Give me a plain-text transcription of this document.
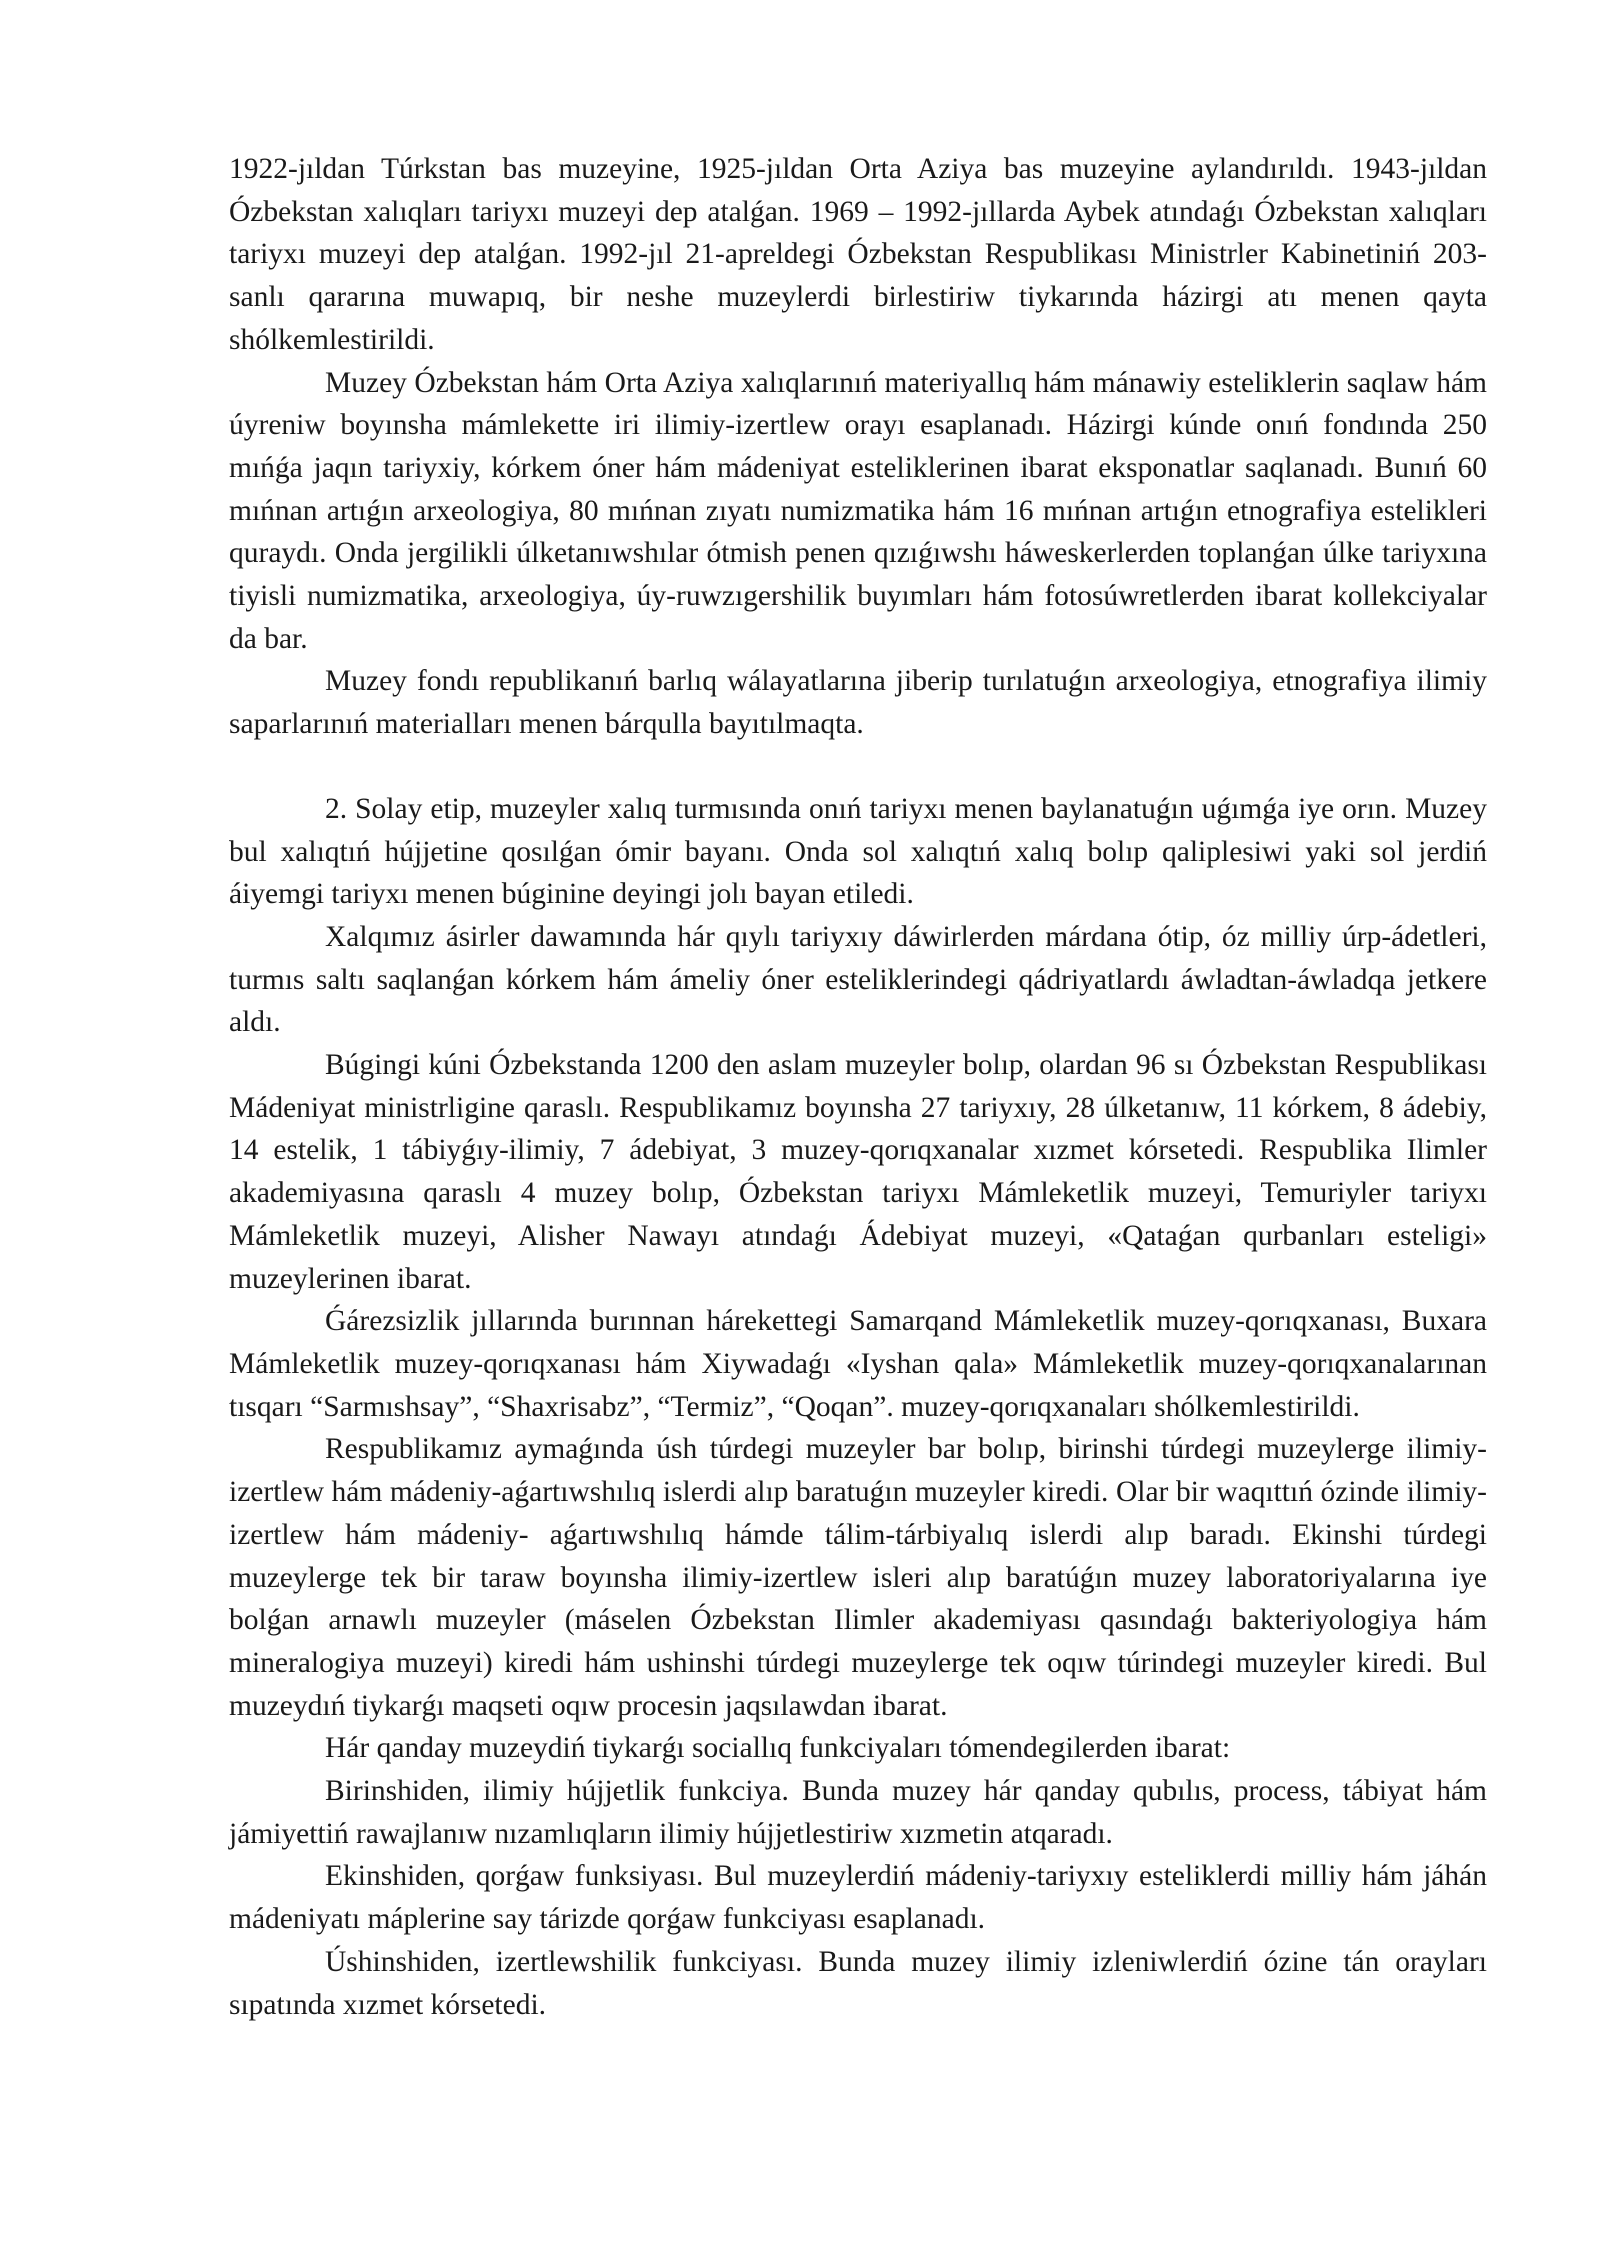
1922-jıldan Túrkstan bas muzeyine, 1925-jıldan Orta Aziya bas muzeyine aylandırıldı. 1943-jıldan Ózbekstan xalıqları tariyxı muzeyi dep atalǵan. 1969 – 1992-jıllarda Aybek atındaǵı Ózbekstan xalıqları tariyxı muzeyi dep atalǵan. 1992-jıl 21-apreldegi Ózbekstan Respublikası Ministrler Kabinetiniń 203-sanlı qararına muwapıq, bir neshe muzeylerdi birlestiriw tiykarında házirgi atı menen qayta shólkemlestirildi.

Muzey Ózbekstan hám Orta Aziya xalıqlarınıń materiyallıq hám mánawiy esteliklerin saqlaw hám úyreniw boyınsha mámlekette iri ilimiy-izertlew orayı esaplanadı. Házirgi kúnde onıń fondında 250 mıńǵa jaqın tariyxiy, kórkem óner hám mádeniyat esteliklerinen ibarat eksponatlar saqlanadı. Bunıń 60 mıńnan artıǵın arxeologiya, 80 mıńnan zıyatı numizmatika hám 16 mıńnan artıǵın etnografiya estelikleri quraydı. Onda jergilikli úlketanıwshılar ótmish penen qızıǵıwshı háweskerlerden toplanǵan úlke tariyxına tiyisli numizmatika, arxeologiya, úy-ruwzıgershilik buyımları hám fotosúwretlerden ibarat kollekciyalar da bar.

Muzey fondı republikanıń barlıq wálayatlarına jiberip turılatuǵın arxeologiya, etnografiya ilimiy saparlarınıń materialları menen bárqulla bayıtılmaqta.

2. Solay etip, muzeyler xalıq turmısında onıń tariyxı menen baylanatuǵın uǵımǵa iye orın. Muzey bul xalıqtıń hújjetine qosılǵan ómir bayanı. Onda sol xalıqtıń xalıq bolıp qaliplesiwi yaki sol jerdiń áiyemgi tariyxı menen búginine deyingi jolı bayan etiledi.

Xalqımız ásirler dawamında hár qıylı tariyxıy dáwirlerden márdana ótip, óz milliy úrp-ádetleri, turmıs saltı saqlanǵan kórkem hám ámeliy óner esteliklerindegi qádriyatlardı áwladtan-áwladqa jetkere aldı.

Búgingi kúni Ózbekstanda 1200 den aslam muzeyler bolıp, olardan 96 sı Ózbekstan Respublikası Mádeniyat ministrligine qaraslı. Respublikamız boyınsha 27 tariyxıy, 28 úlketanıw, 11 kórkem, 8 ádebiy, 14 estelik, 1 tábiyǵıy-ilimiy, 7 ádebiyat, 3 muzey-qorıqxanalar xızmet kórsetedi. Respublika Ilimler akademiyasına qaraslı 4 muzey bolıp, Ózbekstan tariyxı Mámleketlik muzeyi, Temuriyler tariyxı Mámleketlik muzeyi, Alisher Nawayı atındaǵı Ádebiyat muzeyi, «Qataǵan qurbanları esteligi» muzeylerinen ibarat.

Ǵárezsizlik jıllarında burınnan hárekettegi Samarqand Mámleketlik muzey-qorıqxanası, Buxara Mámleketlik muzey-qorıqxanası hám Xiywadaǵı «Iyshan qala» Mámleketlik muzey-qorıqxanalarınan tısqarı “Sarmıshsay”, “Shaxrisabz”, “Termiz”, “Qoqan”. muzey-qorıqxanaları shólkemlestirildi.

Respublikamız aymaǵında úsh túrdegi muzeyler bar bolıp, birinshi túrdegi muzeylerge ilimiy-izertlew hám mádeniy-aǵartıwshılıq islerdi alıp baratuǵın muzeyler kiredi. Olar bir waqıttıń ózinde ilimiy-izertlew hám mádeniy- aǵartıwshılıq hámde tálim-tárbiyalıq islerdi alıp baradı. Ekinshi túrdegi muzeylerge tek bir taraw boyınsha ilimiy-izertlew isleri alıp baratúǵın muzey laboratoriyalarına iye bolǵan arnawlı muzeyler (máselen Ózbekstan Ilimler akademiyası qasındaǵı bakteriyologiya hám mineralogiya muzeyi) kiredi hám ushinshi túrdegi muzeylerge tek oqıw túrindegi muzeyler kiredi. Bul muzeydıń tiykarǵı maqseti oqıw procesin jaqsılawdan ibarat.

Hár qanday muzeydiń tiykarǵı sociallıq funkciyaları tómendegilerden ibarat:

Birinshiden, ilimiy hújjetlik funkciya. Bunda muzey hár qanday qubılıs, process, tábiyat hám jámiyettiń rawajlanıw nızamlıqların ilimiy hújjetlestiriw xızmetin atqaradı.

Ekinshiden, qorǵaw funksiyası. Bul muzeylerdiń mádeniy-tariyxıy esteliklerdi milliy hám jáhán mádeniyatı máplerine say tárizde qorǵaw funkciyası esaplanadı.

Úshinshiden, izertlewshilik funkciyası. Bunda muzey ilimiy izleniwlerdiń ózine tán orayları sıpatında xızmet kórsetedi.
